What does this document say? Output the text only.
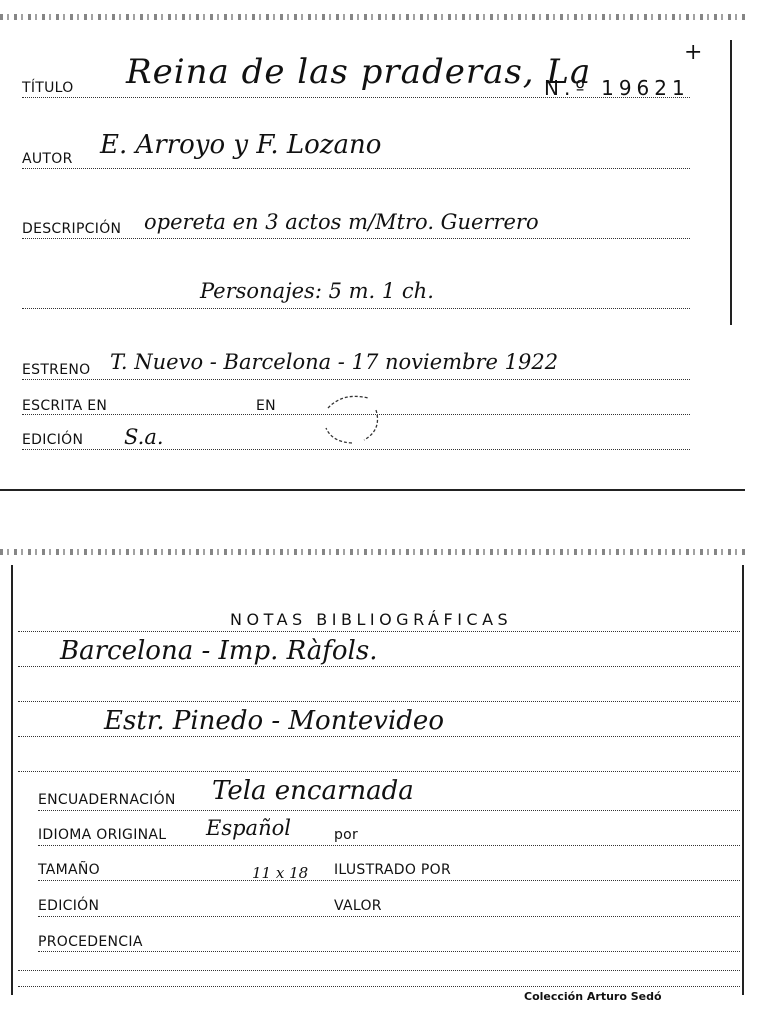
TÍTULO Reina de las praderas, La
N.º 19621
+
AUTOR E. Arroyo y F. Lozano
DESCRIPCIÓN opereta en 3 actos m/Mtro. Guerrero
Personajes: 5 m. 1 ch.
ESTRENO T. Nuevo - Barcelona - 17 noviembre 1922
ESCRITA EN	EN
EDICIÓN S.a.
NOTAS BIBLIOGRÁFICAS
Barcelona - Imp. Ràfols.
Estr. Pinedo - Montevideo
ENCUADERNACIÓN Tela encarnada
IDIOMA ORIGINAL Español	por
TAMAÑO	11 x 18 ILUSTRADO POR
EDICIÓN	VALOR
PROCEDENCIA
Colección Arturo Sedó
